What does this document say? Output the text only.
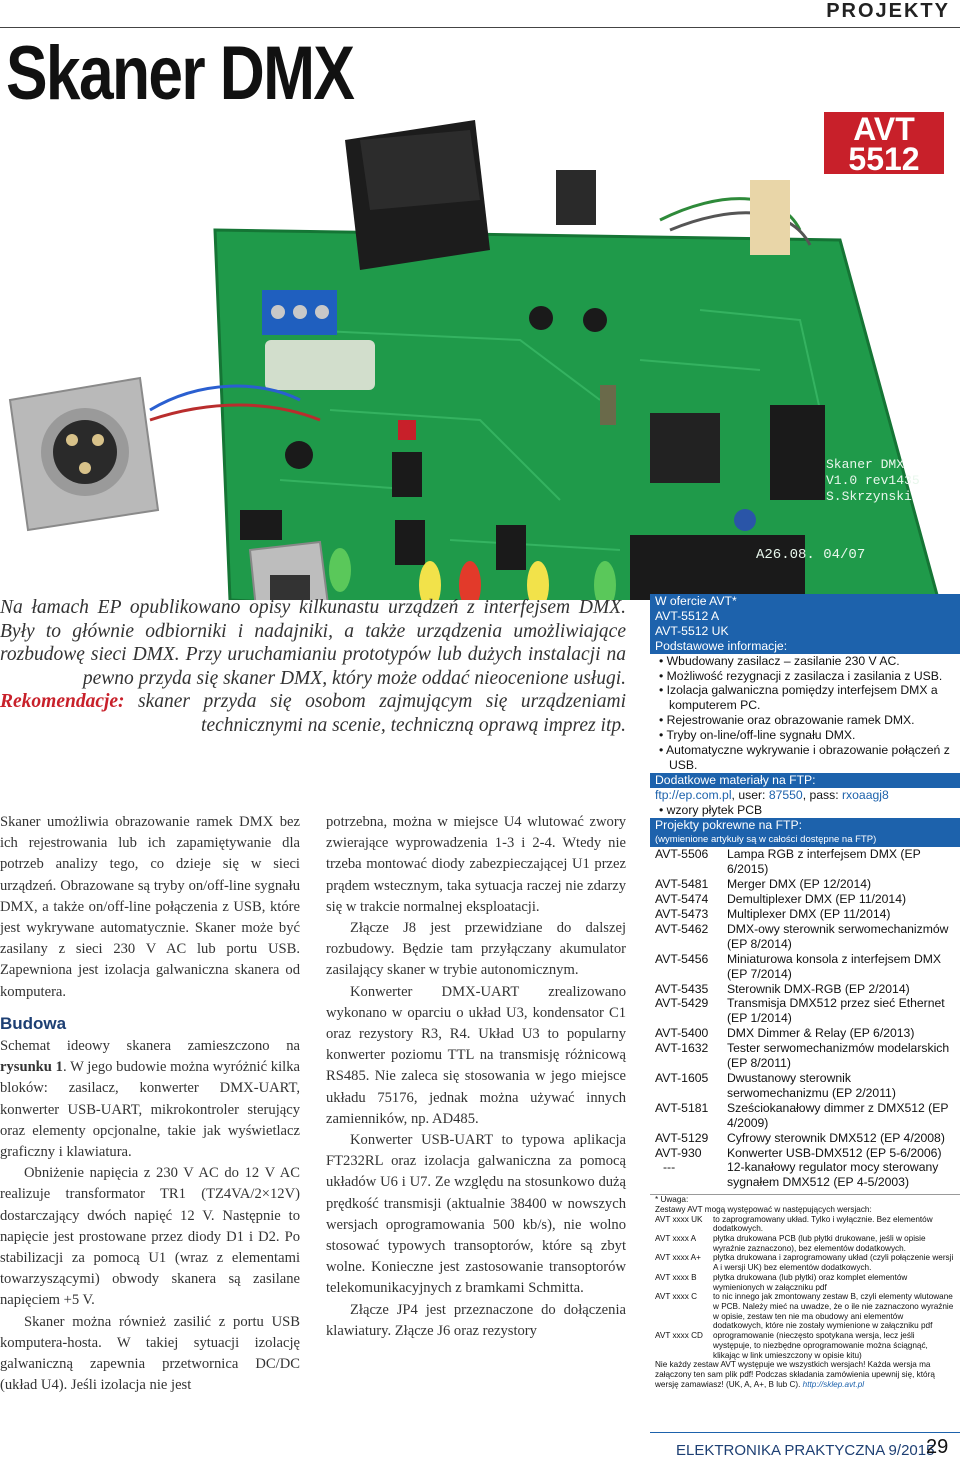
PROJEKTY
Skaner DMX
V1.0 rev1435
S.Skrzynski
A26.08. 04/07
Skaner DMX
AVT
5512

Na łamach EP opublikowano opisy kilkunastu urządzeń z interfejsem DMX. Były to głównie odbiorniki i nadajniki, a także urządzenia umożliwiające rozbudowę sieci DMX. Przy uruchamianiu prototypów lub dużych instalacji na pewno przyda się skaner DMX, który może oddać nieocenione usługi.

Rekomendacje: skaner przyda się osobom zajmującym się urządzeniami technicznymi na scenie, techniczną oprawą imprez itp.

Skaner umożliwia obrazowanie ramek DMX bez ich rejestrowania lub ich zapamiętywanie dla potrzeb analizy tego, co dzieje się w sieci urządzeń. Obrazowane są tryby on/off-line sygnału DMX, a także on/off-line połączenia z USB, które jest wykrywane automatycznie. Skaner może być zasilany z sieci 230 V AC lub portu USB. Zapewniona jest izolacja galwaniczna skanera od komputera.

Budowa

Schemat ideowy skanera zamieszczono na rysunku 1. W jego budowie można wyróżnić kilka bloków: zasilacz, konwerter DMX-UART, konwerter USB-UART, mikrokontroler sterujący oraz elementy opcjonalne, takie jak wyświetlacz graficzny i klawiatura.

Obniżenie napięcia z 230 V AC do 12 V AC realizuje transformator TR1 (TZ4VA/2×12V) dostarczający dwóch napięć 12 V. Następnie to napięcie jest prostowane przez diody D1 i D2. Po stabilizacji za pomocą U1 (wraz z elementami towarzyszącymi) obwody skanera są zasilane napięciem +5 V.

Skaner można również zasilić z portu USB komputera-hosta. W takiej sytuacji izolację galwaniczną zapewnia przetwornica DC/DC (układ U4). Jeśli izolacja nie jest

potrzebna, można w miejsce U4 wlutować zwory zwierające wyprowadzenia 1-3 i 2-4. Wtedy nie trzeba montować diody zabezpieczającej U1 przez prądem wstecznym, taka sytuacja raczej nie zdarzy się w trakcie normalnej eksploatacji.

Złącze J8 jest przewidziane do dalszej rozbudowy. Będzie tam przyłączany akumulator zasilający skaner w trybie autonomicznym.

Konwerter DMX-UART zrealizowano wykonano w oparciu o układ U3, kondensator C1 oraz rezystory R3, R4. Układ U3 to popularny konwerter poziomu TTL na transmisję różnicową RS485. Nie zaleca się stosowania w jego miejsce układu 75176, jednak można używać innych zamienników, np. AD485.

Konwerter USB-UART to typowa aplikacja FT232RL oraz izolacja galwaniczna za pomocą układów U6 i U7. Ze względu na stosunkowo dużą prędkość transmisji (aktualnie 38400 w nowszych wersjach oprogramowania 500 kb/s), nie wolno stosować typowych transoptorów, które są zbyt wolne. Konieczne jest zastosowanie transoptorów telekomunikacyjnych z bramkami Schmitta.

Złącze JP4 jest przeznaczone do dołączenia klawiatury. Złącze J6 oraz rezystory

W ofercie AVT*
AVT-5512 A
AVT-5512 UK
Podstawowe informacje:
• Wbudowany zasilacz – zasilanie 230 V AC.
• Możliwość rezygnacji z zasilacza i zasilania z USB.
• Izolacja galwaniczna pomiędzy interfejsem DMX a komputerem PC.
• Rejestrowanie oraz obrazowanie ramek DMX.
• Tryby on-line/off-line sygnału DMX.
• Automatyczne wykrywanie i obrazowanie połączeń z USB.
Dodatkowe materiały na FTP:
ftp://ep.com.pl, user: 87550, pass: rxoaagj8
• wzory płytek PCB
Projekty pokrewne na FTP:
(wymienione artykuły są w całości dostępne na FTP)
AVT-5506	Lampa RGB z interfejsem DMX (EP 6/2015)
AVT-5481	Merger DMX (EP 12/2014)
AVT-5474	Demultiplexer DMX (EP 11/2014)
AVT-5473	Multiplexer DMX (EP 11/2014)
AVT-5462	DMX-owy sterownik serwomechanizmów (EP 8/2014)
AVT-5456	Miniaturowa konsola z interfejsem DMX (EP 7/2014)
AVT-5435	Sterownik DMX-RGB (EP 2/2014)
AVT-5429	Transmisja DMX512 przez sieć Ethernet (EP 1/2014)
AVT-5400	DMX Dimmer & Relay (EP 6/2013)
AVT-1632	Tester serwomechanizmów modelarskich (EP 8/2011)
AVT-1605	Dwustanowy sterownik serwomechanizmu (EP 2/2011)
AVT-5181	Sześciokanałowy dimmer z DMX512 (EP 4/2009)
AVT-5129	Cyfrowy sterownik DMX512 (EP 4/2008)
AVT-930	Konwerter USB-DMX512 (EP 5-6/2006)
---	12-kanałowy regulator mocy sterowany sygnałem DMX512 (EP 4-5/2003)
* Uwaga:
Zestawy AVT mogą występować w następujących wersjach:
AVT xxxx UK	to zaprogramowany układ. Tylko i wyłącznie. Bez elementów dodatkowych.
AVT xxxx A	płytka drukowana PCB (lub płytki drukowane, jeśli w opisie wyraźnie zaznaczono), bez elementów dodatkowych.
AVT xxxx A+	płytka drukowana i zaprogramowany układ (czyli połączenie wersji A i wersji UK) bez elementów dodatkowych.
AVT xxxx B	płytka drukowana (lub płytki) oraz komplet elementów wymienionych w załączniku pdf
AVT xxxx C	to nic innego jak zmontowany zestaw B, czyli elementy wlutowane w PCB. Należy mieć na uwadze, że o ile nie zaznaczono wyraźnie w opisie, zestaw ten nie ma obudowy ani elementów dodatkowych, które nie zostały wymienione w załączniku pdf
AVT xxxx CD	oprogramowanie (nieczęsto spotykana wersja, lecz jeśli występuje, to niezbędne oprogramowanie można ściągnąć, klikając w link umieszczony w opisie kitu)
Nie każdy zestaw AVT występuje we wszystkich wersjach! Każda wersja ma załączony ten sam plik pdf! Podczas składania zamówienia upewnij się, którą wersję zamawiasz! (UK, A, A+, B lub C). http://sklep.avt.pl
ELEKTRONIKA PRAKTYCZNA 9/2015
29
